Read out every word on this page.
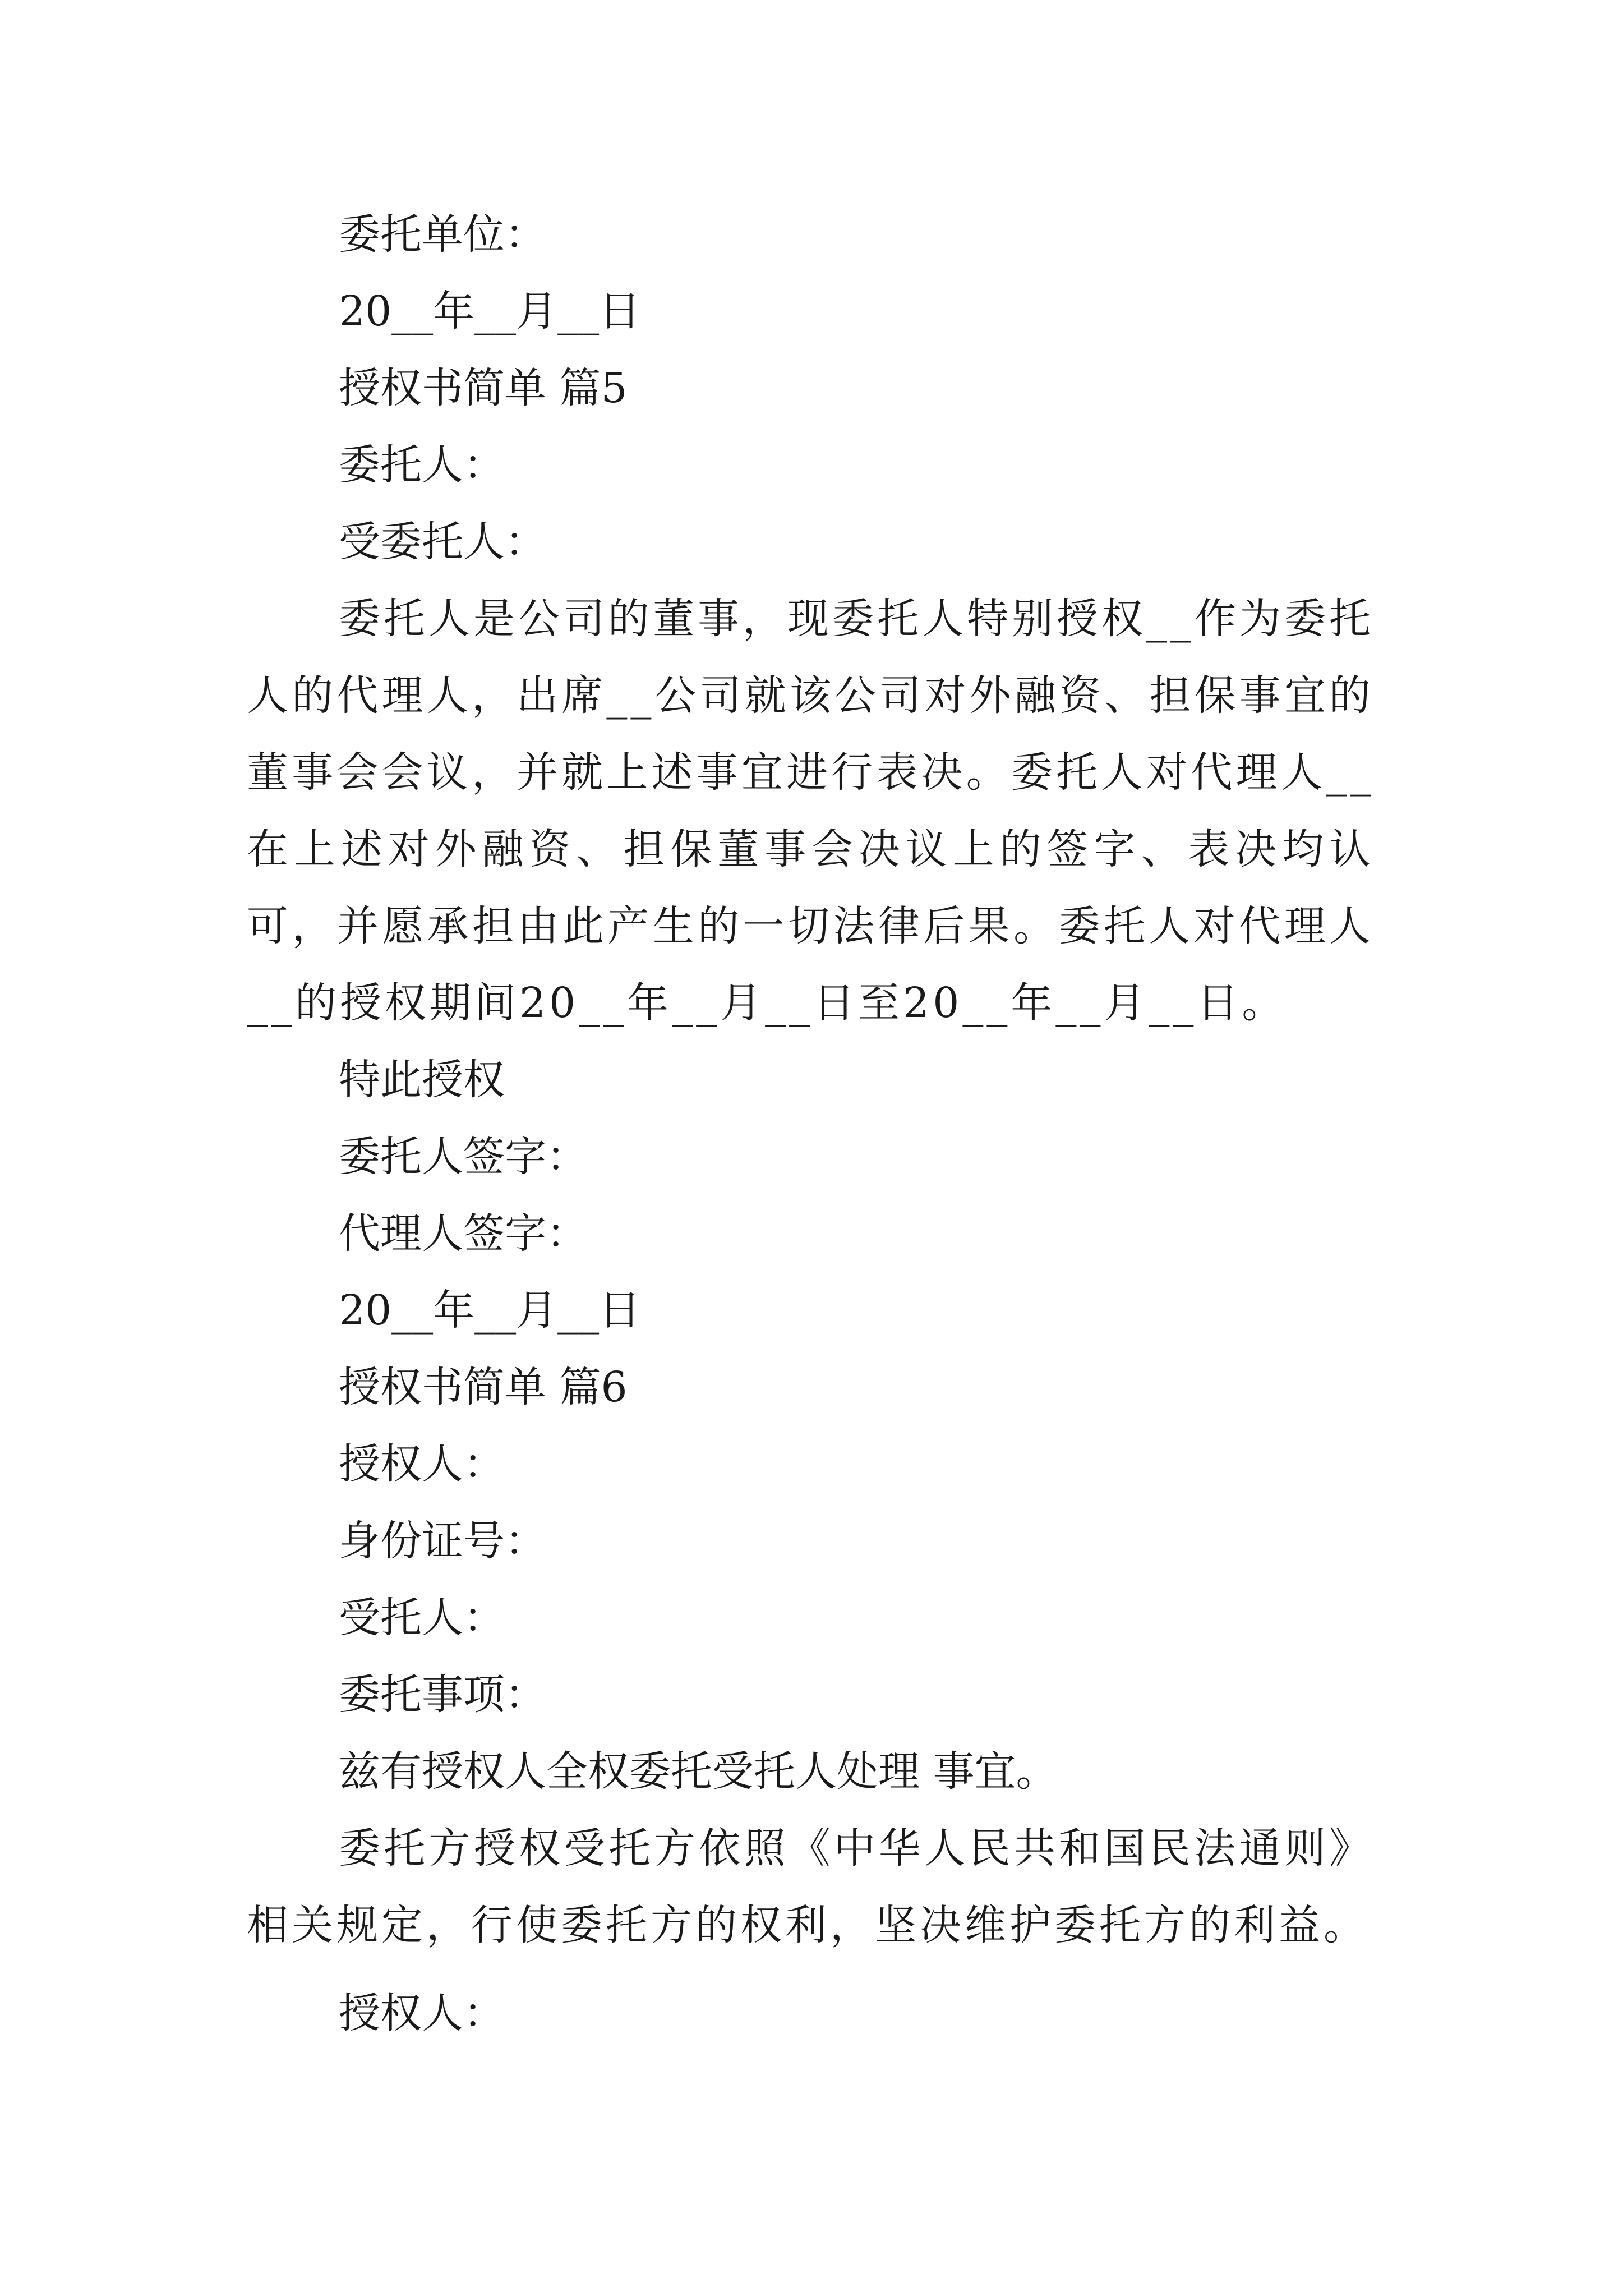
委托单位：

20__年__月__日

授权书简单 篇5

委托人：

受委托人：

委托人是公司的董事，现委托人特别授权__作为委托人的代理人，出席__公司就该公司对外融资、担保事宜的董事会会议，并就上述事宜进行表决。委托人对代理人__在上述对外融资、担保董事会决议上的签字、表决均认可，并愿承担由此产生的一切法律后果。委托人对代理人__的授权期间20__年__月__日至20__年__月__日。

特此授权

委托人签字：

代理人签字：

20__年__月__日

授权书简单 篇6

授权人：

身份证号：

受托人：

委托事项：

兹有授权人全权委托受托人处理 事宜。

委托方授权受托方依照《中华人民共和国民法通则》相关规定，行使委托方的权利，坚决维护委托方的利益。

授权人：
